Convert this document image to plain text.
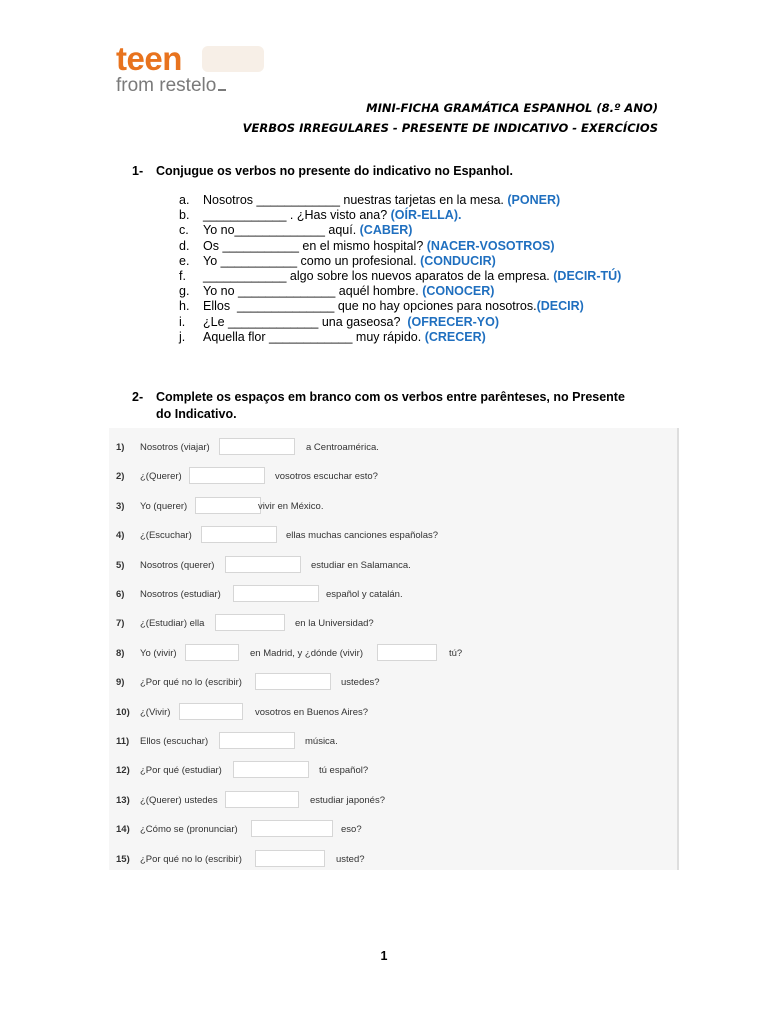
teen
from restelo
MINI-FICHA GRAMÁTICA ESPANHOL (8.º ANO)
VERBOS IRREGULARES - PRESENTE DE INDICATIVO - EXERCÍCIOS
1- Conjugue os verbos no presente do indicativo no Espanhol.
a. Nosotros ____________ nuestras tarjetas en la mesa. (PONER)
b. ____________ . ¿Has visto ana? (OÍR-ELLA).
c. Yo no_____________ aquí. (CABER)
d. Os ___________ en el mismo hospital? (NACER-VOSOTROS)
e. Yo ___________ como un profesional. (CONDUCIR)
f. ____________ algo sobre los nuevos aparatos de la empresa. (DECIR-TÚ)
g. Yo no ______________ aquél hombre. (CONOCER)
h. Ellos  ______________ que no hay opciones para nosotros.(DECIR)
i. ¿Le _____________ una gaseosa?  (OFRECER-YO)
j. Aquella flor ____________ muy rápido. (CRECER)
2- Complete os espaços em branco com os verbos entre parênteses, no Presente
do Indicativo.
1) Nosotros (viajar)	a Centroamérica.
2) ¿(Querer)	vosotros escuchar esto?
3) Yo (querer)	vivir en México.
4) ¿(Escuchar)	ellas muchas canciones españolas?
5) Nosotros (querer)	estudiar en Salamanca.
6) Nosotros (estudiar)	español y catalán.
7) ¿(Estudiar) ella	en la Universidad?
8) Yo (vivir)	en Madrid, y ¿dónde (vivir)	tú?
9) ¿Por qué no lo (escribir)	ustedes?
10) ¿(Vivir)	vosotros en Buenos Aires?
11) Ellos (escuchar)	música.
12) ¿Por qué (estudiar)	tú español?
13) ¿(Querer) ustedes	estudiar japonés?
14) ¿Cómo se (pronunciar)	eso?
15) ¿Por qué no lo (escribir)	usted?
1
